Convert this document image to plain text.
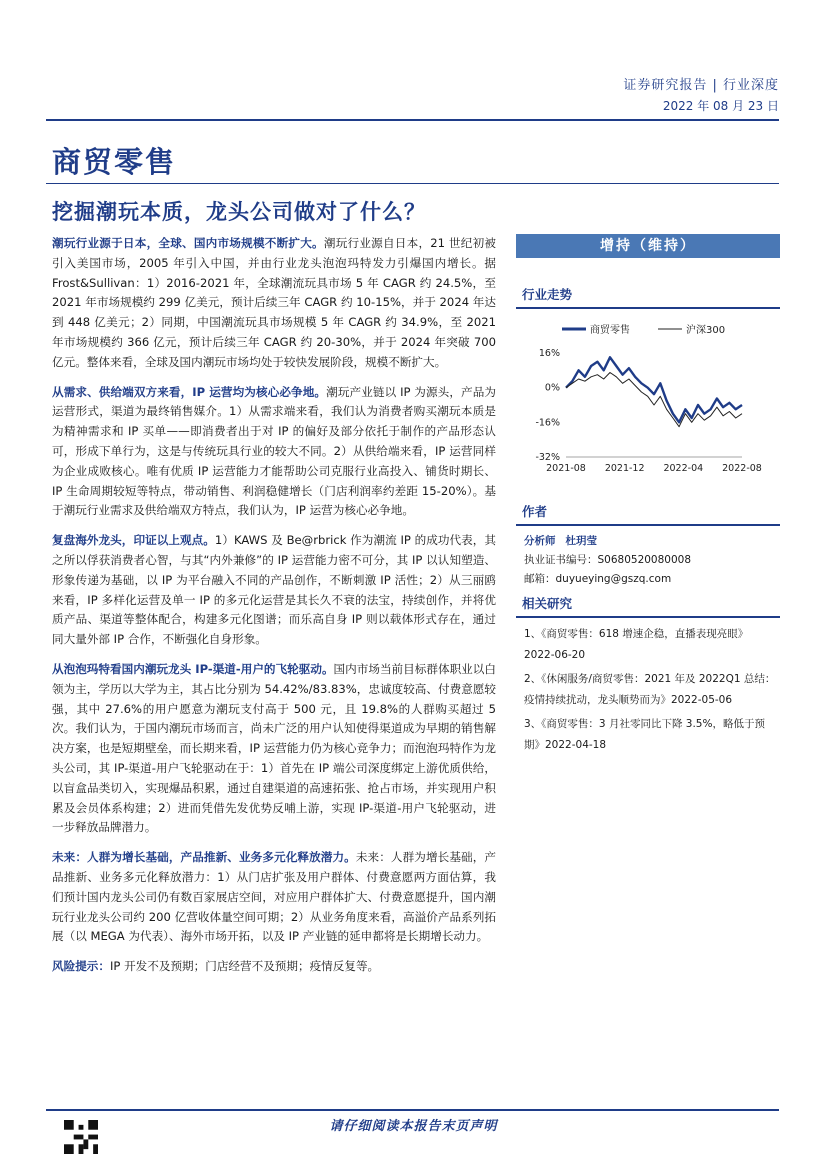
证券研究报告 | 行业深度
2022 年 08 月 23 日
商贸零售
挖掘潮玩本质，龙头公司做对了什么？

潮玩行业源于日本，全球、国内市场规模不断扩大。潮玩行业源自日本，21 世纪初被引入美国市场，2005 年引入中国，并由行业龙头泡泡玛特发力引爆国内增长。据 Frost&Sullivan：1）2016-2021 年，全球潮流玩具市场 5 年 CAGR 约 24.5%，至 2021 年市场规模约 299 亿美元，预计后续三年 CAGR 约 10-15%，并于 2024 年达到 448 亿美元；2）同期，中国潮流玩具市场规模 5 年 CAGR 约 34.9%，至 2021 年市场规模约 366 亿元，预计后续三年 CAGR 约 20-30%，并于 2024 年突破 700 亿元。整体来看，全球及国内潮玩市场均处于较快发展阶段，规模不断扩大。

从需求、供给端双方来看，IP 运营均为核心必争地。潮玩产业链以 IP 为源头，产品为运营形式，渠道为最终销售媒介。1）从需求端来看，我们认为消费者购买潮玩本质是为精神需求和 IP 买单——即消费者出于对 IP 的偏好及部分依托于制作的产品形态认可，形成下单行为，这是与传统玩具行业的较大不同。2）从供给端来看，IP 运营同样为企业成败核心。唯有优质 IP 运营能力才能帮助公司克服行业高投入、铺货时期长、IP 生命周期较短等特点，带动销售、利润稳健增长（门店利润率约差距 15-20%）。基于潮玩行业需求及供给端双方特点，我们认为，IP 运营为核心必争地。

复盘海外龙头，印证以上观点。1）KAWS 及 Be@rbrick 作为潮流 IP 的成功代表，其之所以俘获消费者心智，与其“内外兼修”的 IP 运营能力密不可分，其 IP 以认知塑造、形象传递为基础，以 IP 为平台融入不同的产品创作，不断刺激 IP 活性；2）从三丽鸥来看，IP 多样化运营及单一 IP 的多元化运营是其长久不衰的法宝，持续创作，并将优质产品、渠道等整体配合，构建多元化图谱；而乐高自身 IP 则以载体形式存在，通过同大量外部 IP 合作，不断强化自身形象。

从泡泡玛特看国内潮玩龙头 IP-渠道-用户的飞轮驱动。国内市场当前目标群体职业以白领为主，学历以大学为主，其占比分别为 54.42%/83.83%，忠诚度较高、付费意愿较强，其中 27.6%的用户愿意为潮玩支付高于 500 元，且 19.8%的人群购买超过 5 次。我们认为，于国内潮玩市场而言，尚未广泛的用户认知使得渠道成为早期的销售解决方案，也是短期壁垒，而长期来看，IP 运营能力仍为核心竞争力；而泡泡玛特作为龙头公司，其 IP-渠道-用户飞轮驱动在于：1）首先在 IP 端公司深度绑定上游优质供给，以盲盒品类切入，实现爆品积累，通过自建渠道的高速拓张、抢占市场，并实现用户积累及会员体系构建；2）进而凭借先发优势反哺上游，实现 IP-渠道-用户飞轮驱动，进一步释放品牌潜力。

未来：人群为增长基础，产品推新、业务多元化释放潜力。未来：人群为增长基础，产品推新、业务多元化释放潜力：1）从门店扩张及用户群体、付费意愿两方面估算，我们预计国内龙头公司仍有数百家展店空间，对应用户群体扩大、付费意愿提升，国内潮玩行业龙头公司约 200 亿营收体量空间可期；2）从业务角度来看，高溢价产品系列拓展（以 MEGA 为代表）、海外市场开拓，以及 IP 产业链的延申都将是长期增长动力。

风险提示：IP 开发不及预期；门店经营不及预期；疫情反复等。

增持（维持）
行业走势
商贸零售	沪深300
16%
0%
-16%
-32%
2021-08 2021-12 2022-04 2022-08
作者
分析师 杜玥莹
执业证书编号：S0680520080008
邮箱：duyueying@gszq.com
相关研究
1、《商贸零售：618 增速企稳，直播表现亮眼》2022-06-20
2、《休闲服务/商贸零售：2021 年及 2022Q1 总结：疫情持续扰动，龙头顺势而为》2022-05-06
3、《商贸零售：3 月社零同比下降 3.5%，略低于预期》2022-04-18
请仔细阅读本报告末页声明
